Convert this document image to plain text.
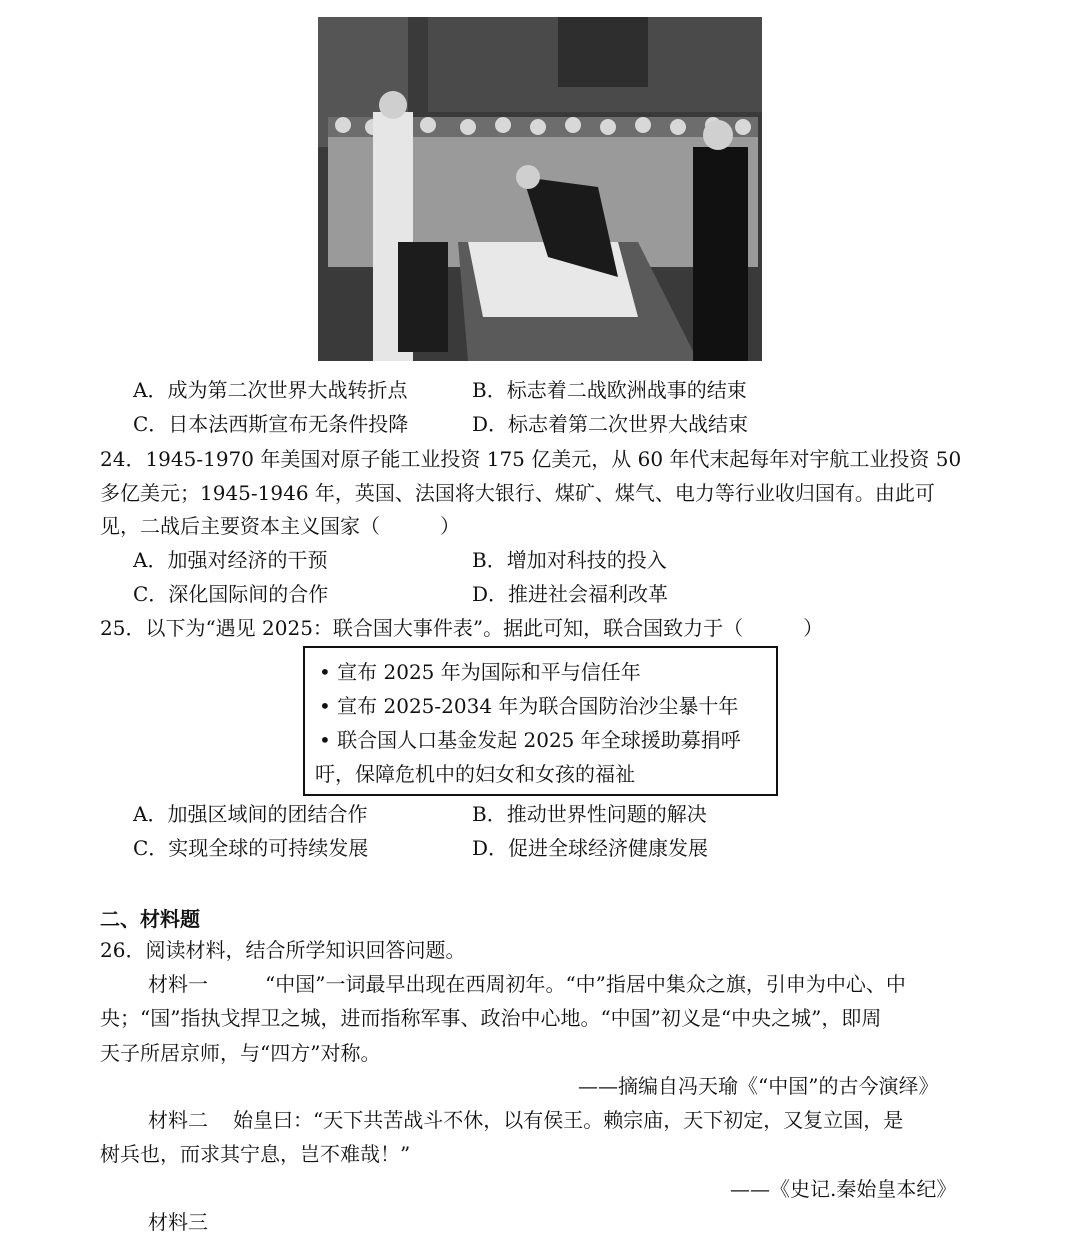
A．成为第二次世界大战转折点	B．标志着二战欧洲战事的结束
C．日本法西斯宣布无条件投降	D．标志着第二次世界大战结束
24．1945-1970 年美国对原子能工业投资 175 亿美元，从 60 年代末起每年对宇航工业投资 50
多亿美元；1945-1946 年，英国、法国将大银行、煤矿、煤气、电力等行业收归国有。由此可
见，二战后主要资本主义国家（　　　）
A．加强对经济的干预	B．增加对科技的投入
C．深化国际间的合作	D．推进社会福利改革
25．以下为“遇见 2025：联合国大事件表”。据此可知，联合国致力于（　　　）
• 宣布 2025 年为国际和平与信任年
• 宣布 2025-2034 年为联合国防治沙尘暴十年
• 联合国人口基金发起 2025 年全球援助募捐呼
吁，保障危机中的妇女和女孩的福祉
A．加强区域间的团结合作	B．推动世界性问题的解决
C．实现全球的可持续发展	D．促进全球经济健康发展
二、材料题
26．阅读材料，结合所学知识回答问题。
材料一	“中国”一词最早出现在西周初年。“中”指居中集众之旗，引申为中心、中
央；“国”指执戈捍卫之城，进而指称军事、政治中心地。“中国”初义是“中央之城”，即周
天子所居京师，与“四方”对称。
——摘编自冯天瑜《“中国”的古今演绎》
材料二 始皇曰：“天下共苦战斗不休，以有侯王。赖宗庙，天下初定，又复立国，是
树兵也，而求其宁息，岂不难哉！”
——《史记.秦始皇本纪》
材料三
